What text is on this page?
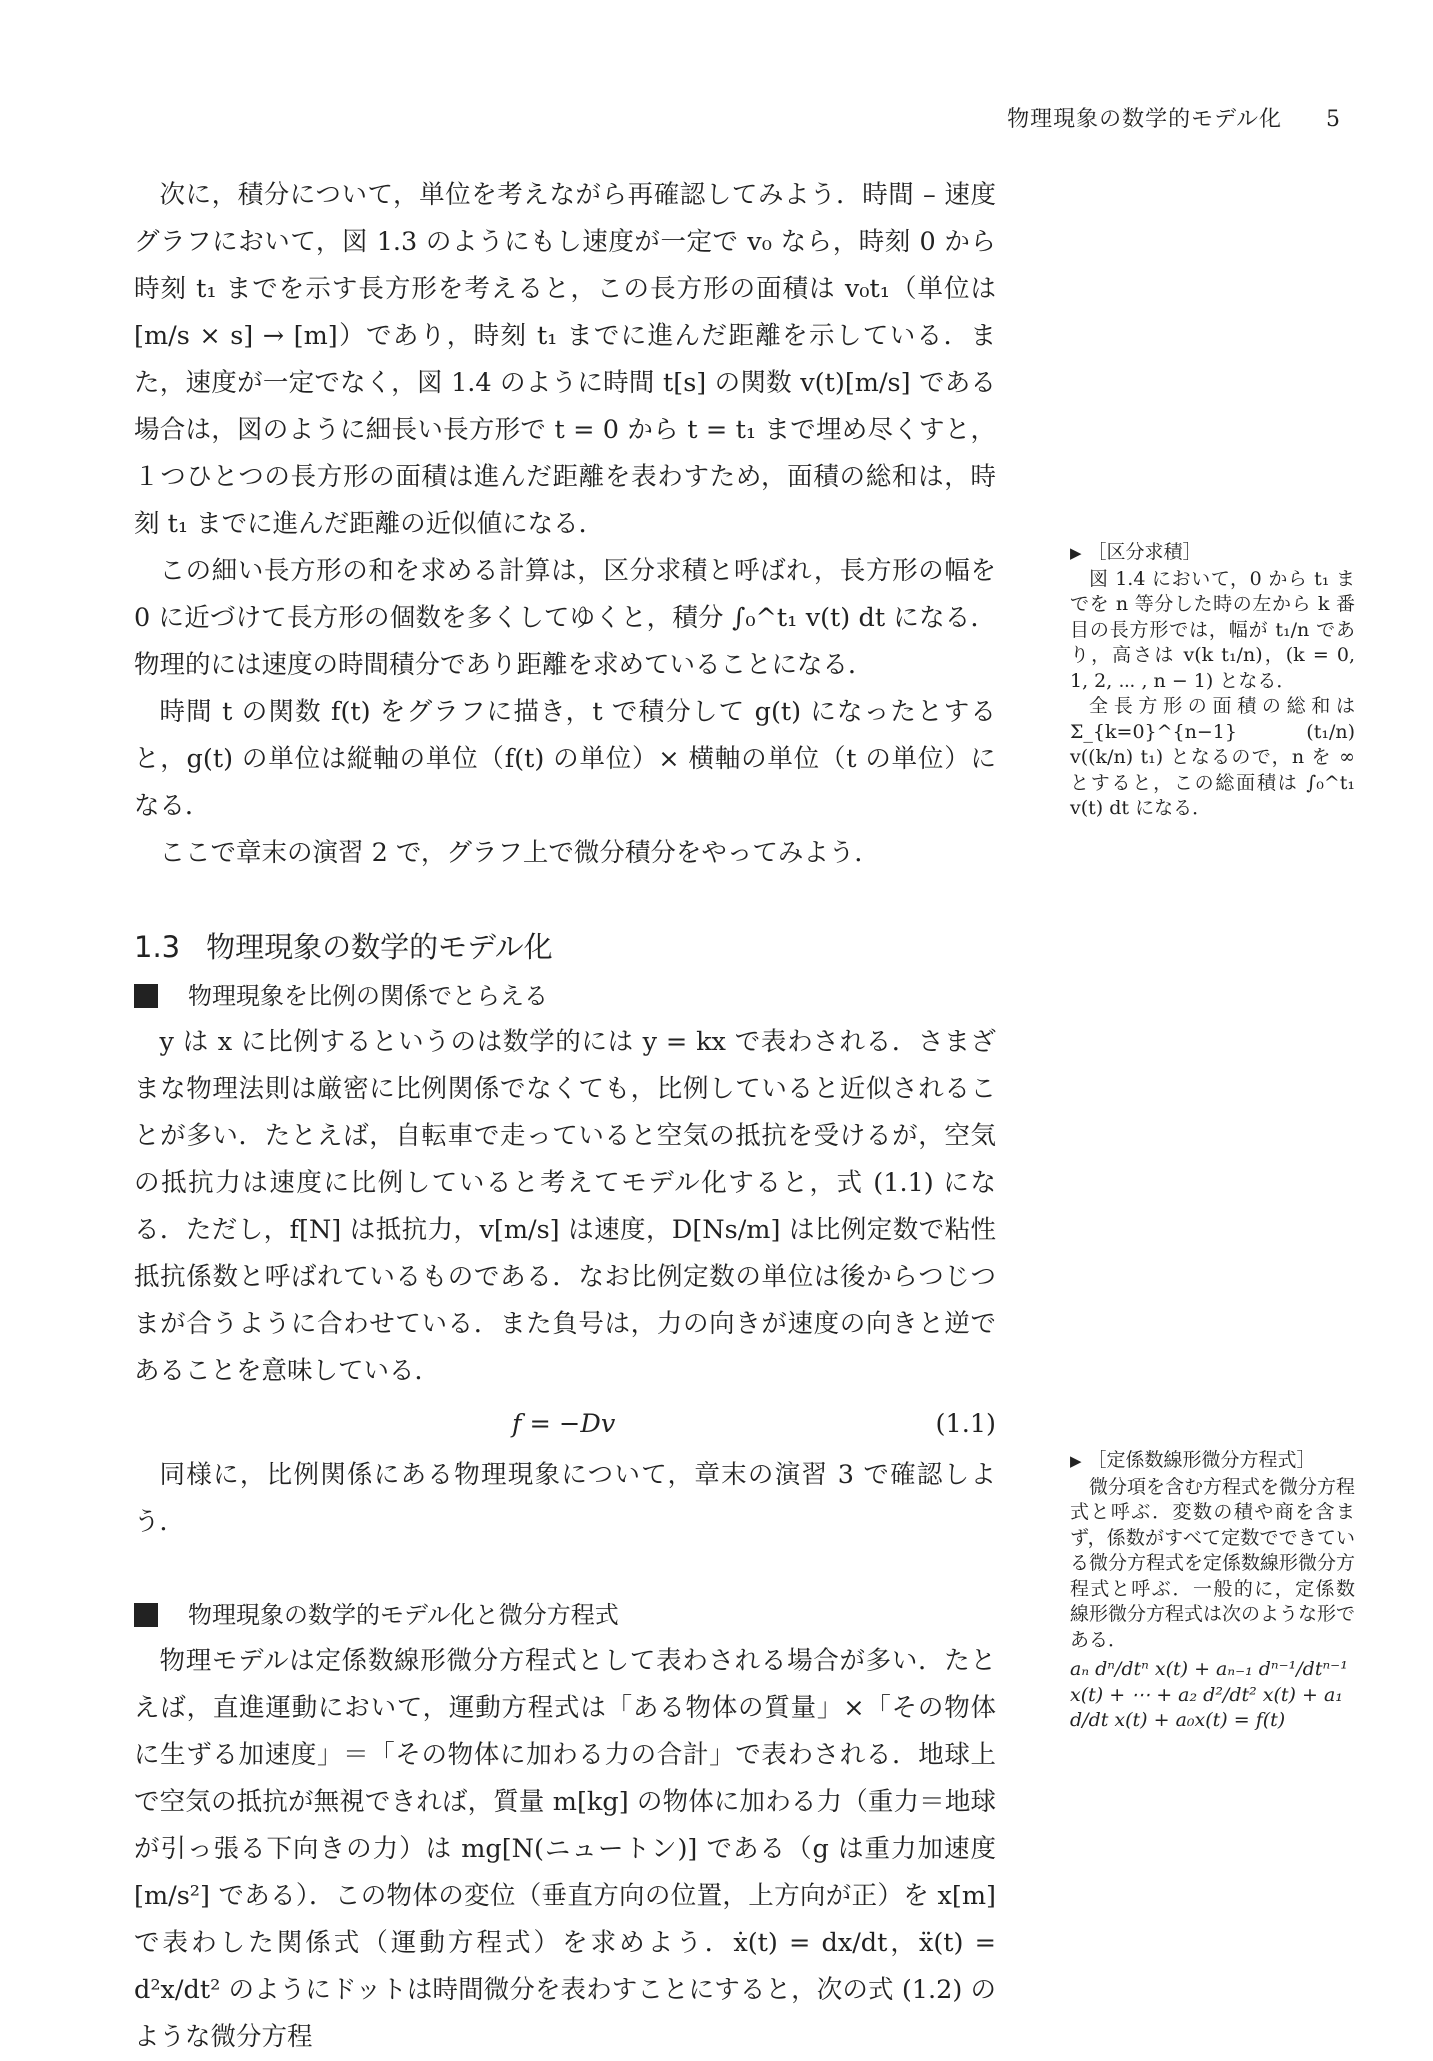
物理現象の数学的モデル化 5

次に，積分について，単位を考えながら再確認してみよう．時間 – 速度グラフにおいて，図 1.3 のようにもし速度が一定で v₀ なら，時刻 0 から時刻 t₁ までを示す長方形を考えると，この長方形の面積は v₀t₁（単位は [m/s × s] → [m]）であり，時刻 t₁ までに進んだ距離を示している．また，速度が一定でなく，図 1.4 のように時間 t[s] の関数 v(t)[m/s] である場合は，図のように細長い長方形で t = 0 から t = t₁ まで埋め尽くすと，１つひとつの長方形の面積は進んだ距離を表わすため，面積の総和は，時刻 t₁ までに進んだ距離の近似値になる．

この細い長方形の和を求める計算は，区分求積と呼ばれ，長方形の幅を 0 に近づけて長方形の個数を多くしてゆくと，積分 ∫₀^t₁ v(t) dt になる．物理的には速度の時間積分であり距離を求めていることになる．

時間 t の関数 f(t) をグラフに描き，t で積分して g(t) になったとすると，g(t) の単位は縦軸の単位（f(t) の単位）× 横軸の単位（t の単位）になる．

ここで章末の演習 2 で，グラフ上で微分積分をやってみよう．

1.3 物理現象の数学的モデル化
物理現象を比例の関係でとらえる

y は x に比例するというのは数学的には y = kx で表わされる．さまざまな物理法則は厳密に比例関係でなくても，比例していると近似されることが多い．たとえば，自転車で走っていると空気の抵抗を受けるが，空気の抵抗力は速度に比例していると考えてモデル化すると，式 (1.1) になる．ただし，f[N] は抵抗力，v[m/s] は速度，D[Ns/m] は比例定数で粘性抵抗係数と呼ばれているものである．なお比例定数の単位は後からつじつまが合うように合わせている．また負号は，力の向きが速度の向きと逆であることを意味している．

f = −Dv	(1.1)

同様に，比例関係にある物理現象について，章末の演習 3 で確認しよう．

物理現象の数学的モデル化と微分方程式

物理モデルは定係数線形微分方程式として表わされる場合が多い．たとえば，直進運動において，運動方程式は「ある物体の質量」×「その物体に生ずる加速度」＝「その物体に加わる力の合計」で表わされる．地球上で空気の抵抗が無視できれば，質量 m[kg] の物体に加わる力（重力＝地球が引っ張る下向きの力）は mg[N(ニュートン)] である（g は重力加速度 [m/s²] である）．この物体の変位（垂直方向の位置，上方向が正）を x[m] で表わした関係式（運動方程式）を求めよう．ẋ(t) = dx/dt，ẍ(t) = d²x/dt² のようにドットは時間微分を表わすことにすると，次の式 (1.2) のような微分方程

▶ ［区分求積］

図 1.4 において，0 から t₁ までを n 等分した時の左から k 番目の長方形では，幅が t₁/n であり，高さは v(k t₁/n)，(k = 0, 1, 2, ⋯ , n − 1) となる．

全長方形の面積の総和は Σ_{k=0}^{n−1} (t₁/n) v((k/n) t₁) となるので，n を ∞ とすると，この総面積は ∫₀^t₁ v(t) dt になる．

▶ ［定係数線形微分方程式］

微分項を含む方程式を微分方程式と呼ぶ．変数の積や商を含まず，係数がすべて定数でできている微分方程式を定係数線形微分方程式と呼ぶ．一般的に，定係数線形微分方程式は次のような形である．

aₙ dⁿ/dtⁿ x(t) + aₙ₋₁ dⁿ⁻¹/dtⁿ⁻¹ x(t) + ⋯ + a₂ d²/dt² x(t) + a₁ d/dt x(t) + a₀x(t) = f(t)
